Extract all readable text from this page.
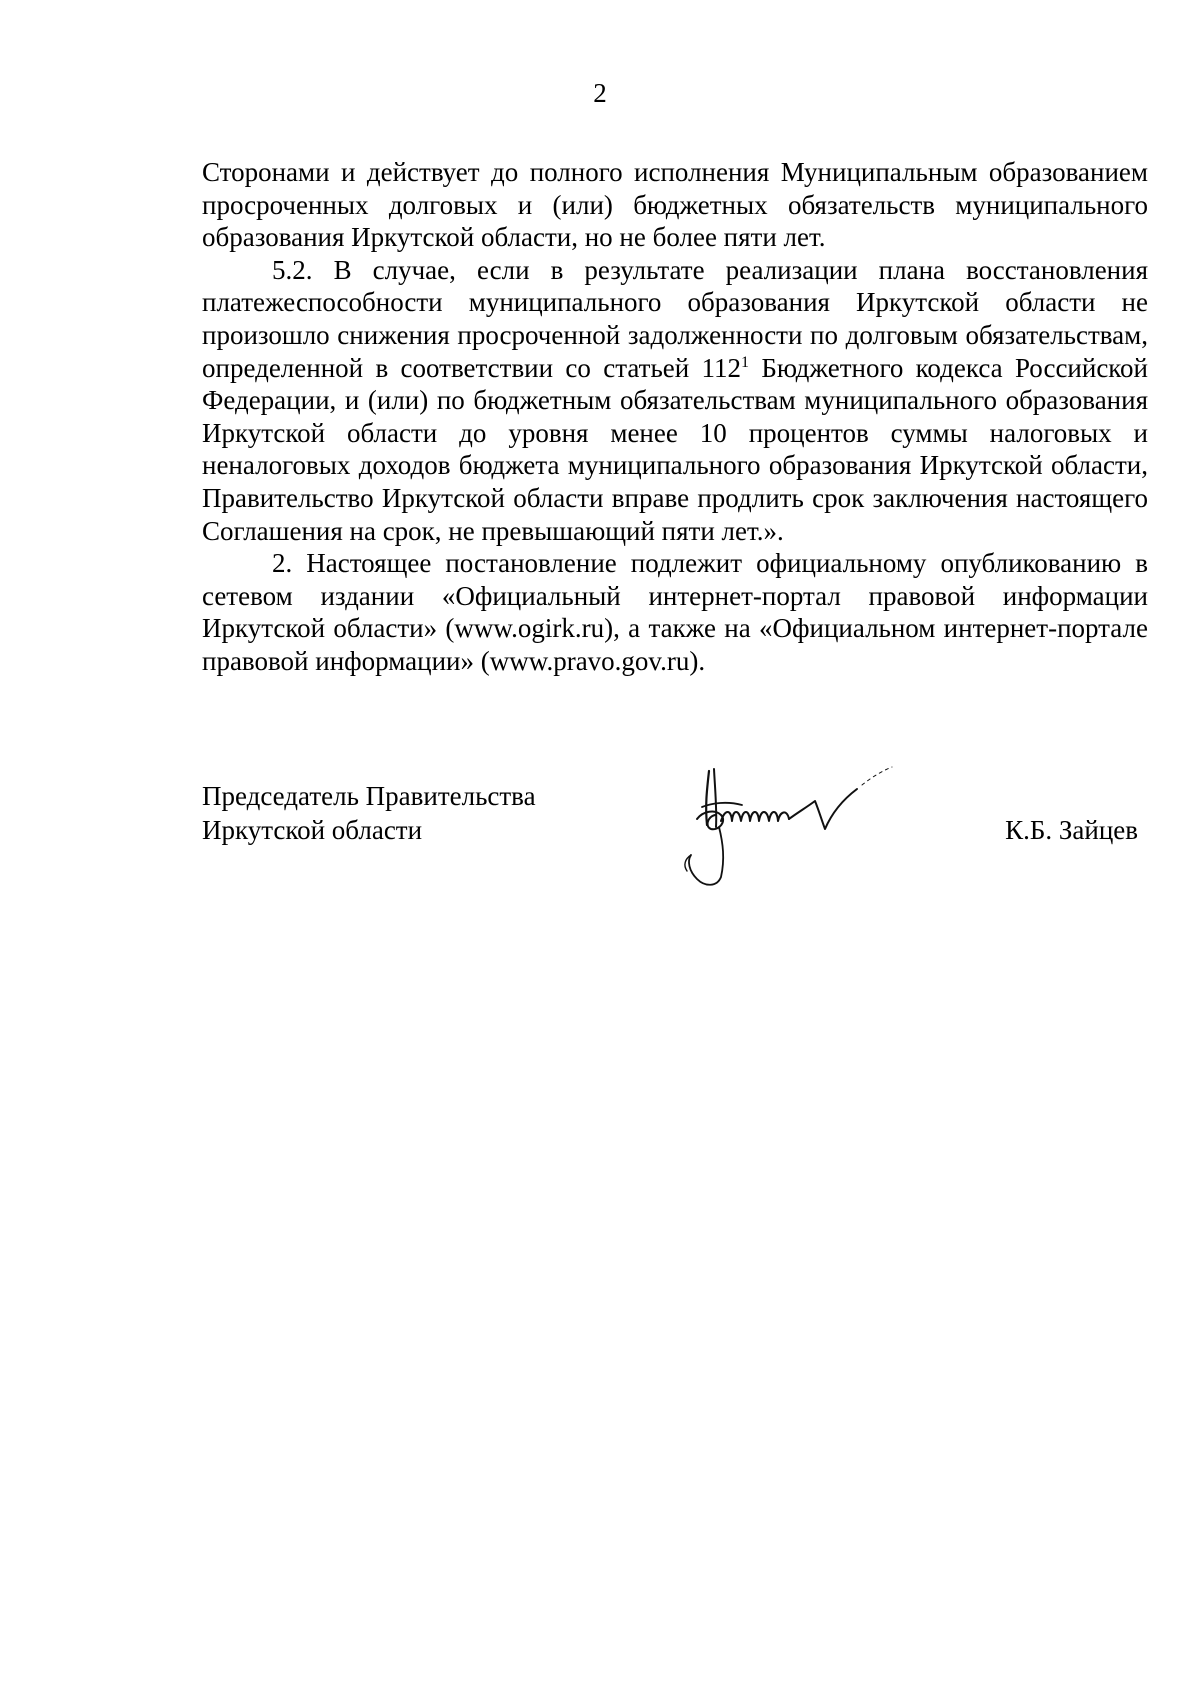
2

Сторонами и действует до полного исполнения Муниципальным образованием просроченных долговых и (или) бюджетных обязательств муниципального образования Иркутской области, но не более пяти лет.

5.2. В случае, если в результате реализации плана восстановления платежеспособности муниципального образования Иркутской области не произошло снижения просроченной задолженности по долговым обязательствам, определенной в соответствии со статьей $112^1$ Бюджетного кодекса Российской Федерации, и (или) по бюджетным обязательствам муниципального образования Иркутской области до уровня менее 10 процентов суммы налоговых и неналоговых доходов бюджета муниципального образования Иркутской области, Правительство Иркутской области вправе продлить срок заключения настоящего Соглашения на срок, не превышающий пяти лет.».

2. Настоящее постановление подлежит официальному опубликованию в сетевом издании «Официальный интернет-портал правовой информации Иркутской области» (www.ogirk.ru), а также на «Официальном интернет-портале правовой информации» (www.pravo.gov.ru).

Председатель Правительства
Иркутской области	К.Б. Зайцев
